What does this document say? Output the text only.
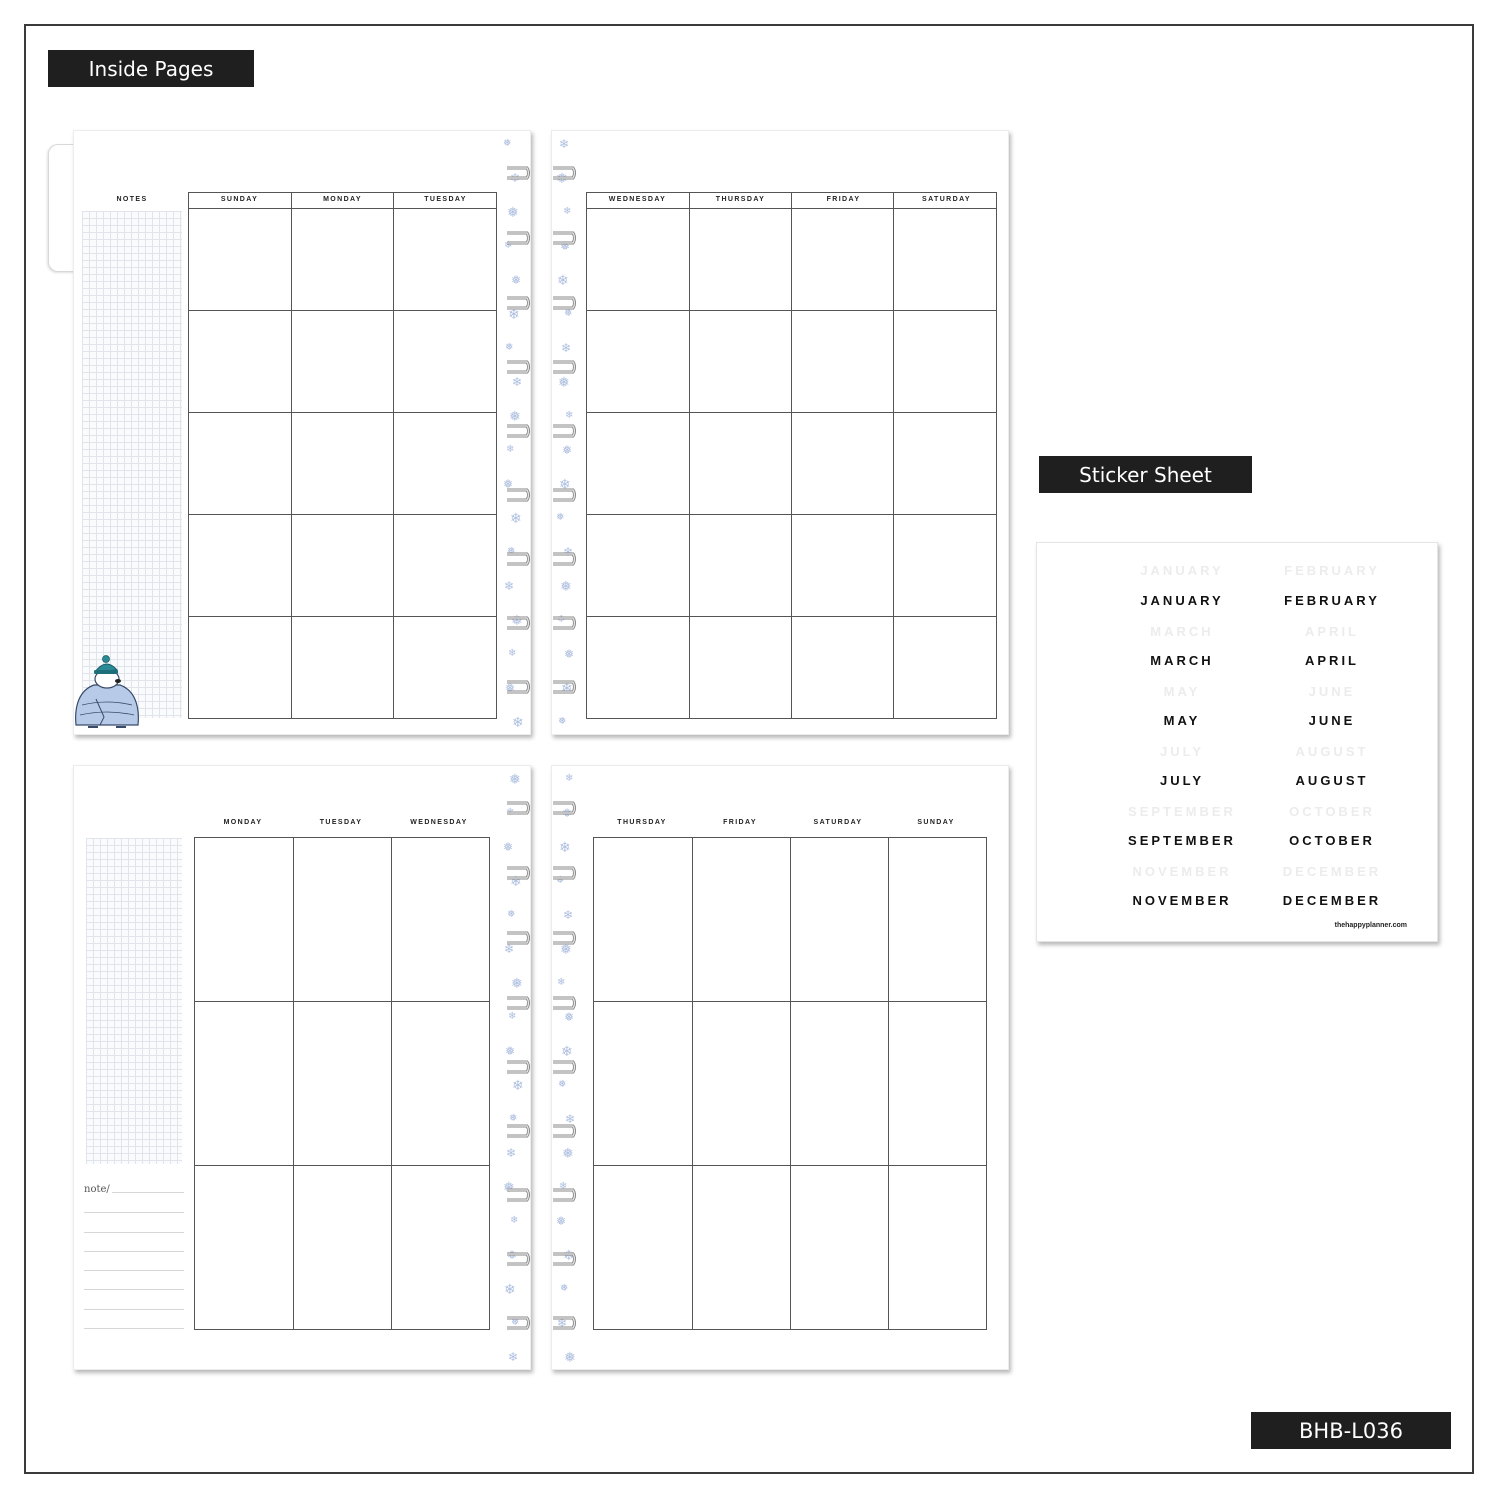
Inside Pages
NOTES	SUNDAY	MONDAY	TUESDAY
❅
❄
❅
❄
❅
❄
❅
❄
❅
❄
❅
❄
❅
❄
❅
❄
❅
❄
WEDNESDAY	THURSDAY	FRIDAY	SATURDAY
❄
❅
❄
❅
❄
❅
❄
❅
❄
❅
❄
❅
❄
❅
❄
❅
❄
❅
note/
MONDAY	TUESDAY	WEDNESDAY
❅
❄
❅
❄
❅
❄
❅
❄
❅
❄
❅
❄
❅
❄
❅
❄
❅
❄
THURSDAY	FRIDAY	SATURDAY	SUNDAY
❄
❅
❄
❅
❄
❅
❄
❅
❄
❅
❄
❅
❄
❅
❄
❅
❄
❅
Sticker Sheet
JANUARY	FEBRUARY
JANUARY	FEBRUARY
MARCH	APRIL
MARCH	APRIL
MAY	JUNE
MAY	JUNE
JULY	AUGUST
JULY	AUGUST
SEPTEMBER	OCTOBER
SEPTEMBER	OCTOBER
NOVEMBER	DECEMBER
NOVEMBER	DECEMBER
thehappyplanner.com
BHB-L036
